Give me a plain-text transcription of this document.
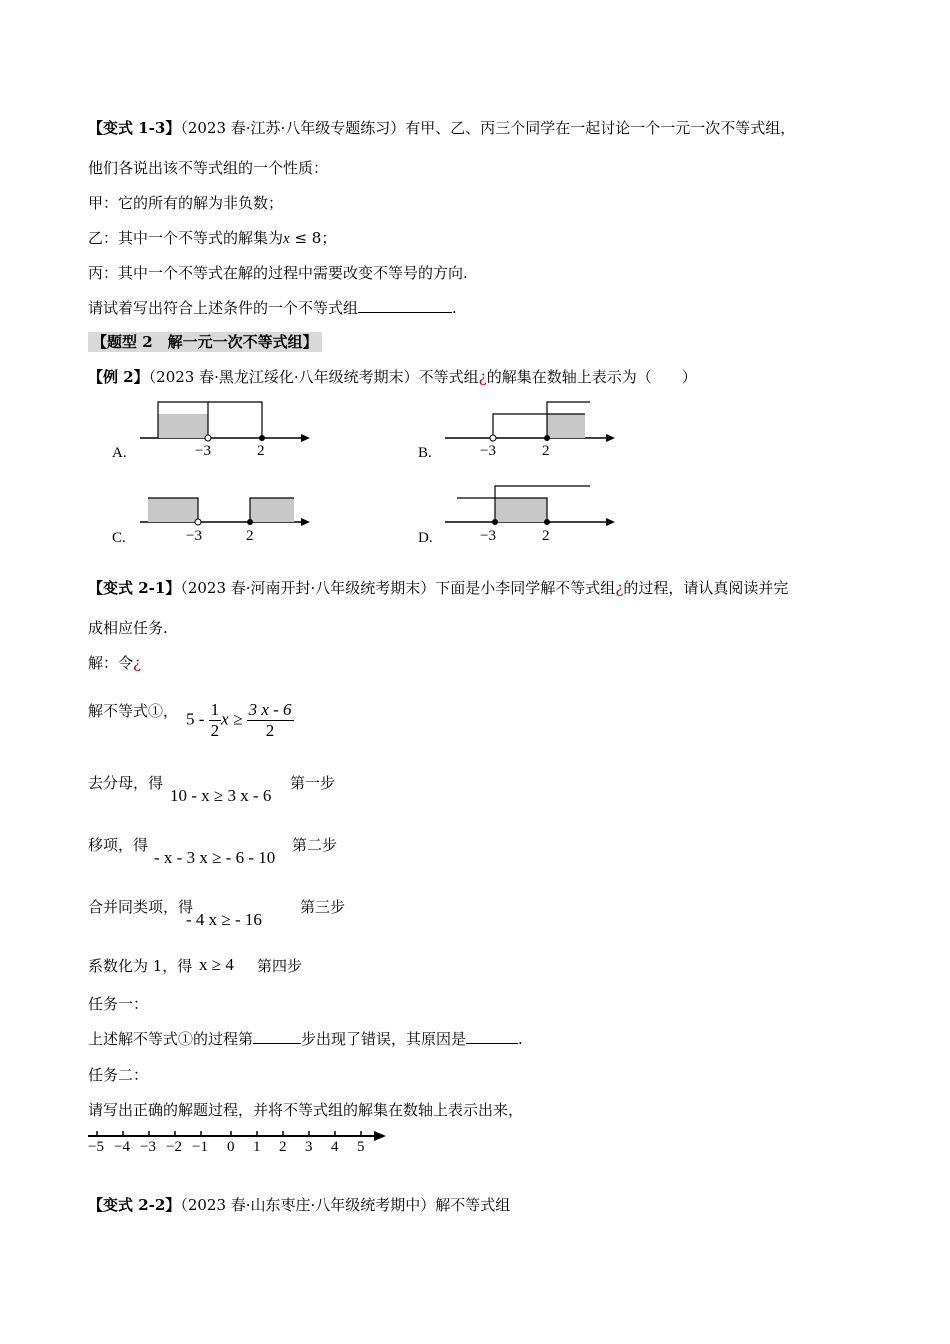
【变式 1-3】（2023 春·江苏·八年级专题练习）有甲、乙、丙三个同学在一起讨论一个一元一次不等式组，
他们各说出该不等式组的一个性质：
甲：它的所有的解为非负数；
乙：其中一个不等式的解集为x ≤ 8；
丙：其中一个不等式在解的过程中需要改变不等号的方向.
请试着写出符合上述条件的一个不等式组	.
【题型 2　解一元一次不等式组】
【例 2】（2023 春·黑龙江绥化·八年级统考期末）不等式组¿的解集在数轴上表示为（　　）
A.	−3	2	B.	−3	2
C.	−3	2	D.	−3	2
【变式 2-1】（2023 春·河南开封·八年级统考期末）下面是小李同学解不等式组¿的过程，请认真阅读并完
成相应任务.
解：令¿
解不等式①， $5 - \frac{1}{2}$ $x \ge \frac{3 x - 6}{2}$
去分母，得
10 - x ≥ 3 x - 6
第一步
移项，得
- x - 3 x ≥ - 6 - 10
第二步
合并同类项，得
- 4 x ≥ - 16
第三步
系数化为 1，得 x ≥ 4 第四步
任务一：
上述解不等式①的过程第	步出现了错误，其原因是	.
任务二：
请写出正确的解题过程，并将不等式组的解集在数轴上表示出来，
−5 −4 −3 −2 −1 0 1 2 3 4 5
【变式 2-2】（2023 春·山东枣庄·八年级统考期中）解不等式组
